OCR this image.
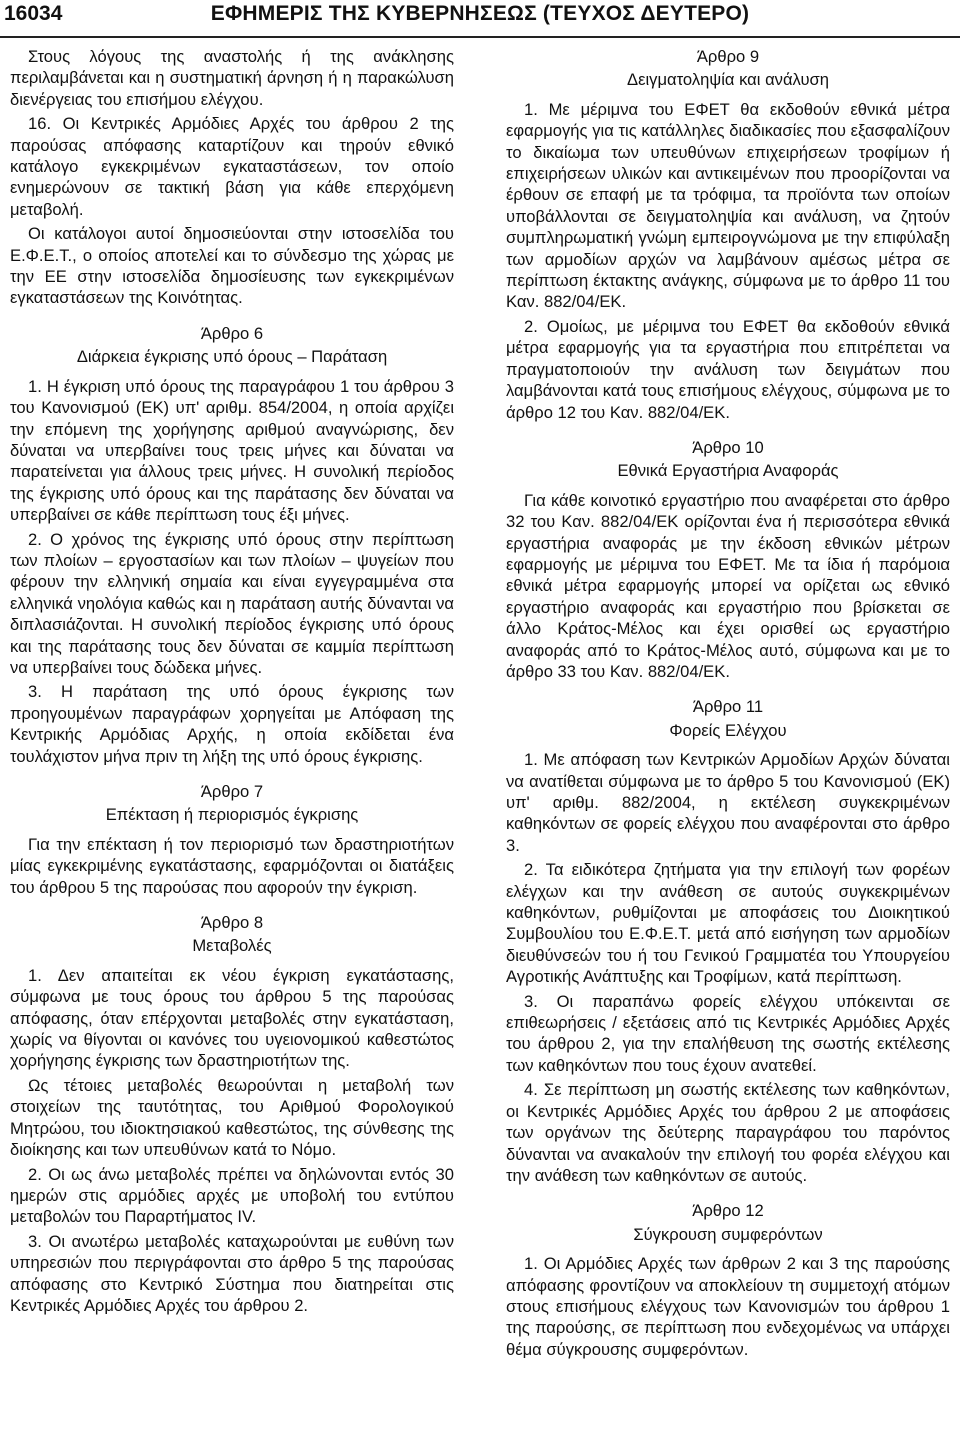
16034	ΕΦΗΜΕΡΙΣ ΤΗΣ ΚΥΒΕΡΝΗΣΕΩΣ (ΤΕΥΧΟΣ ΔΕΥΤΕΡΟ)

Στους λόγους της αναστολής ή της ανάκλησης περιλαμβάνεται και η συστηματική άρνηση ή η παρακώλυση διενέργειας του επισήμου ελέγχου.

16. Οι Κεντρικές Αρμόδιες Αρχές του άρθρου 2 της παρούσας απόφασης καταρτίζουν και τηρούν εθνικό κατάλογο εγκεκριμένων εγκαταστάσεων, τον οποίο ενημερώνουν σε τακτική βάση για κάθε επερχόμενη μεταβολή.

Οι κατάλογοι αυτοί δημοσιεύονται στην ιστοσελίδα του Ε.Φ.Ε.Τ., ο οποίος αποτελεί και το σύνδεσμο της χώρας με την ΕΕ στην ιστοσελίδα δημοσίευσης των εγκεκριμένων εγκαταστάσεων της Κοινότητας.

Άρθρο 6
Διάρκεια έγκρισης υπό όρους – Παράταση

1. Η έγκριση υπό όρους της παραγράφου 1 του άρθρου 3 του Κανονισμού (ΕΚ) υπ' αριθμ. 854/2004, η οποία αρχίζει την επόμενη της χορήγησης αριθμού αναγνώρισης, δεν δύναται να υπερβαίνει τους τρεις μήνες και δύναται να παρατείνεται για άλλους τρεις μήνες. Η συνολική περίοδος της έγκρισης υπό όρους και της παράτασης δεν δύναται να υπερβαίνει σε κάθε περίπτωση τους έξι μήνες.

2. Ο χρόνος της έγκρισης υπό όρους στην περίπτωση των πλοίων – εργοστασίων και των πλοίων – ψυγείων που φέρουν την ελληνική σημαία και είναι εγγεγραμμένα στα ελληνικά νηολόγια καθώς και η παράταση αυτής δύνανται να διπλασιάζονται. Η συνολική περίοδος έγκρισης υπό όρους και της παράτασης τους δεν δύναται σε καμμία περίπτωση να υπερβαίνει τους δώδεκα μήνες.

3. Η παράταση της υπό όρους έγκρισης των προηγουμένων παραγράφων χορηγείται με Απόφαση της Κεντρικής Αρμόδιας Αρχής, η οποία εκδίδεται ένα τουλάχιστον μήνα πριν τη λήξη της υπό όρους έγκρισης.

Άρθρο 7
Επέκταση ή περιορισμός έγκρισης

Για την επέκταση ή τον περιορισμό των δραστηριοτήτων μίας εγκεκριμένης εγκατάστασης, εφαρμόζονται οι διατάξεις του άρθρου 5 της παρούσας που αφορούν την έγκριση.

Άρθρο 8
Μεταβολές

1. Δεν απαιτείται εκ νέου έγκριση εγκατάστασης, σύμφωνα με τους όρους του άρθρου 5 της παρούσας απόφασης, όταν επέρχονται μεταβολές στην εγκατάσταση, χωρίς να θίγονται οι κανόνες του υγειονομικού καθεστώτος χορήγησης έγκρισης των δραστηριοτήτων της.

Ως τέτοιες μεταβολές θεωρούνται η μεταβολή των στοιχείων της ταυτότητας, του Αριθμού Φορολογικού Μητρώου, του ιδιοκτησιακού καθεστώτος, της σύνθεσης της διοίκησης και των υπευθύνων κατά το Νόμο.

2. Οι ως άνω μεταβολές πρέπει να δηλώνονται εντός 30 ημερών στις αρμόδιες αρχές με υποβολή του εντύπου μεταβολών του Παραρτήματος IV.

3. Οι ανωτέρω μεταβολές καταχωρούνται με ευθύνη των υπηρεσιών που περιγράφονται στο άρθρο 5 της παρούσας απόφασης στο Κεντρικό Σύστημα που διατηρείται στις Κεντρικές Αρμόδιες Αρχές του άρθρου 2.

Άρθρο 9
Δειγματοληψία και ανάλυση

1. Με μέριμνα του ΕΦΕΤ θα εκδοθούν εθνικά μέτρα εφαρμογής για τις κατάλληλες διαδικασίες που εξασφαλίζουν το δικαίωμα των υπευθύνων επιχειρήσεων τροφίμων ή επιχειρήσεων υλικών και αντικειμένων που προορίζονται να έρθουν σε επαφή με τα τρόφιμα, τα προϊόντα των οποίων υποβάλλονται σε δειγματοληψία και ανάλυση, να ζητούν συμπληρωματική γνώμη εμπειρογνώμονα με την επιφύλαξη των αρμοδίων αρχών να λαμβάνουν αμέσως μέτρα σε περίπτωση έκτακτης ανάγκης, σύμφωνα με το άρθρο 11 του Καν. 882/04/ΕΚ.

2. Ομοίως, με μέριμνα του ΕΦΕΤ θα εκδοθούν εθνικά μέτρα εφαρμογής για τα εργαστήρια που επιτρέπεται να πραγματοποιούν την ανάλυση των δειγμάτων που λαμβάνονται κατά τους επισήμους ελέγχους, σύμφωνα με το άρθρο 12 του Καν. 882/04/ΕΚ.

Άρθρο 10
Εθνικά Εργαστήρια Αναφοράς

Για κάθε κοινοτικό εργαστήριο που αναφέρεται στο άρθρο 32 του Καν. 882/04/ΕΚ ορίζονται ένα ή περισσότερα εθνικά εργαστήρια αναφοράς με την έκδοση εθνικών μέτρων εφαρμογής με μέριμνα του ΕΦΕΤ. Με τα ίδια ή παρόμοια εθνικά μέτρα εφαρμογής μπορεί να ορίζεται ως εθνικό εργαστήριο αναφοράς και εργαστήριο που βρίσκεται σε άλλο Κράτος-Μέλος και έχει ορισθεί ως εργαστήριο αναφοράς από το Κράτος-Μέλος αυτό, σύμφωνα και με το άρθρο 33 του Καν. 882/04/ΕΚ.

Άρθρο 11
Φορείς Ελέγχου

1. Με απόφαση των Κεντρικών Αρμοδίων Αρχών δύναται να ανατίθεται σύμφωνα με το άρθρο 5 του Κανονισμού (ΕΚ) υπ' αριθμ. 882/2004, η εκτέλεση συγκεκριμένων καθηκόντων σε φορείς ελέγχου που αναφέρονται στο άρθρο 3.

2. Τα ειδικότερα ζητήματα για την επιλογή των φορέων ελέγχων και την ανάθεση σε αυτούς συγκεκριμένων καθηκόντων, ρυθμίζονται με αποφάσεις του Διοικητικού Συμβουλίου του Ε.Φ.Ε.Τ. μετά από εισήγηση των αρμοδίων διευθύνσεών του ή του Γενικού Γραμματέα του Υπουργείου Αγροτικής Ανάπτυξης και Τροφίμων, κατά περίπτωση.

3. Οι παραπάνω φορείς ελέγχου υπόκεινται σε επιθεωρήσεις / εξετάσεις από τις Κεντρικές Αρμόδιες Αρχές του άρθρου 2, για την επαλήθευση της σωστής εκτέλεσης των καθηκόντων που τους έχουν ανατεθεί.

4. Σε περίπτωση μη σωστής εκτέλεσης των καθηκόντων, οι Κεντρικές Αρμόδιες Αρχές του άρθρου 2 με αποφάσεις των οργάνων της δεύτερης παραγράφου του παρόντος δύνανται να ανακαλούν την επιλογή του φορέα ελέγχου και την ανάθεση των καθηκόντων σε αυτούς.

Άρθρο 12
Σύγκρουση συμφερόντων

1. Οι Αρμόδιες Αρχές των άρθρων 2 και 3 της παρούσης απόφασης φροντίζουν να αποκλείουν τη συμμετοχή ατόμων στους επισήμους ελέγχους των Κανονισμών του άρθρου 1 της παρούσης, σε περίπτωση που ενδεχομένως να υπάρχει θέμα σύγκρουσης συμφερόντων.
